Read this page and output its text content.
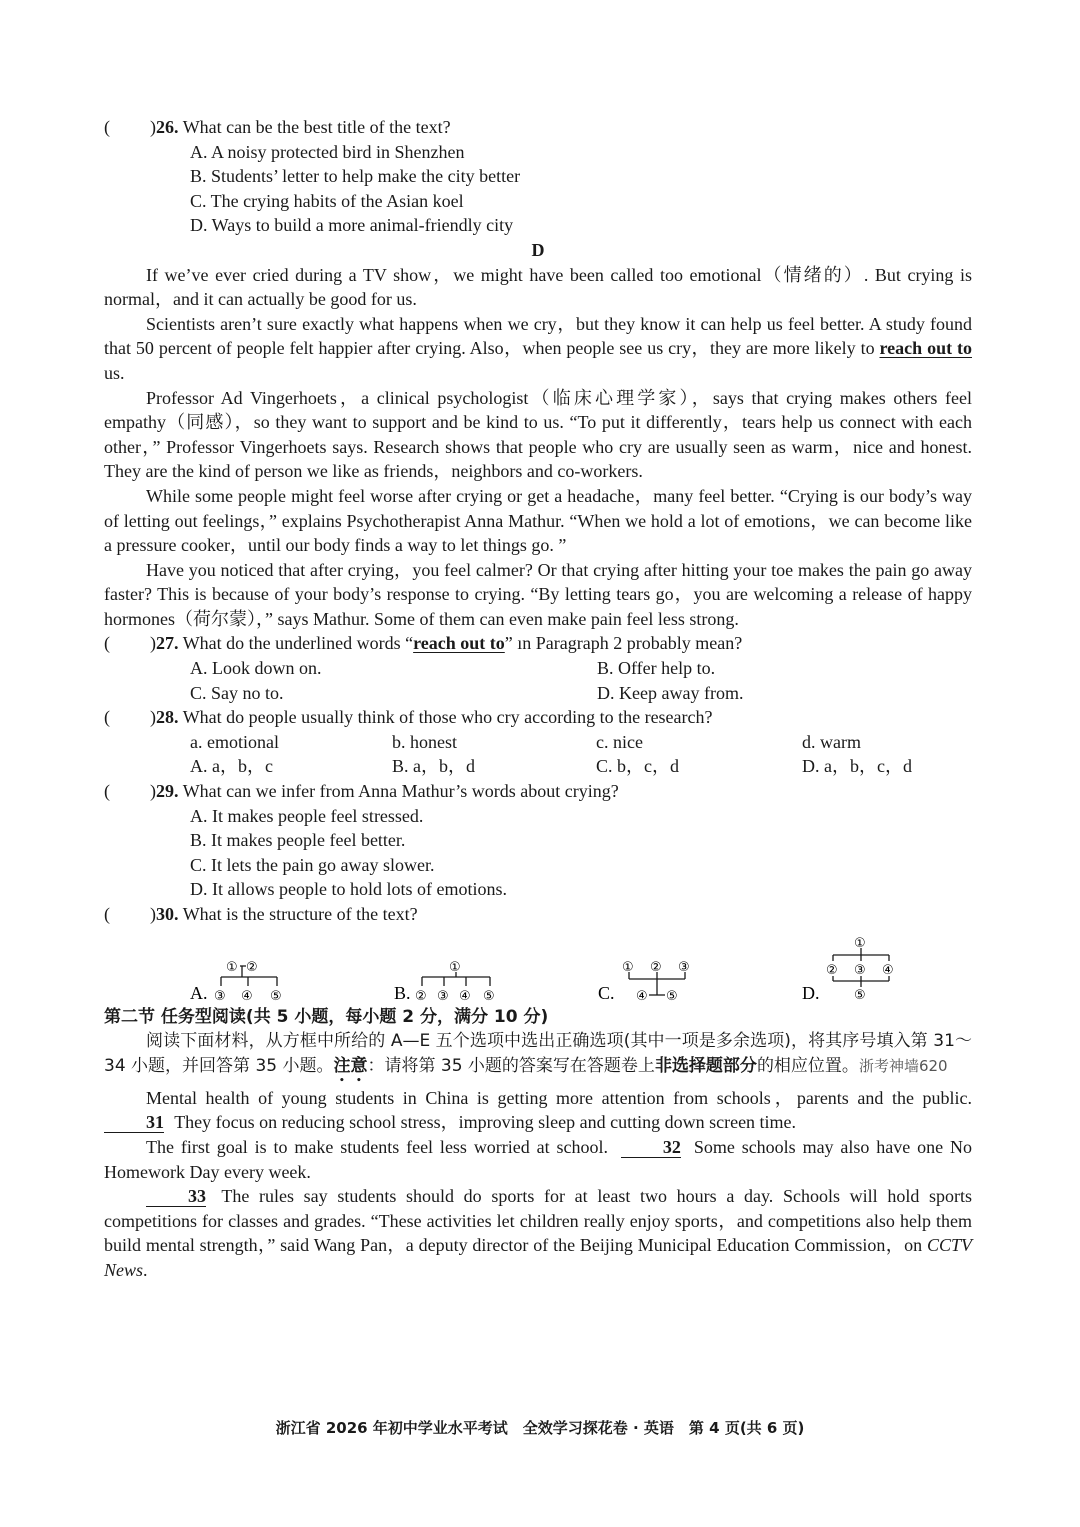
( )26. What can be the best title of the text?
A. A noisy protected bird in Shenzhen
B. Students’ letter to help make the city better
C. The crying habits of the Asian koel
D. Ways to build a more animal-friendly city
D
If we’ve ever cried during a TV show，we might have been called too emotional（情绪的）. But crying is normal，and it can actually be good for us.
Scientists aren’t sure exactly what happens when we cry，but they know it can help us feel better. A study found that 50 percent of people felt happier after crying. Also，when people see us cry，they are more likely to reach out to us.
Professor Ad Vingerhoets，a clinical psychologist（临床心理学家），says that crying makes others feel empathy（同感），so they want to support and be kind to us. “To put it differently，tears help us connect with each other，” Professor Vingerhoets says. Research shows that people who cry are usually seen as warm，nice and honest. They are the kind of person we like as friends，neighbors and co-workers.
While some people might feel worse after crying or get a headache，many feel better. “Crying is our body’s way of letting out feelings，” explains Psychotherapist Anna Mathur. “When we hold a lot of emotions，we can become like a pressure cooker，until our body finds a way to let things go. ”
Have you noticed that after crying，you feel calmer? Or that crying after hitting your toe makes the pain go away faster? This is because of your body’s response to crying. “By letting tears go，you are welcoming a release of happy hormones（荷尔蒙），” says Mathur. Some of them can even make pain feel less strong.
( )27. What do the underlined words “reach out to” ın Paragraph 2 probably mean?
A. Look down on.	B. Offer help to.
C. Say no to.	D. Keep away from.
( )28. What do people usually think of those who cry according to the research?
a. emotional	b. honest	c. nice	d. warm
A. a，b，c	B. a，b，d	C. b，c，d	D. a，b，c，d
( )29. What can we infer from Anna Mathur’s words about crying?
A. It makes people feel stressed.
B. It makes people feel better.
C. It lets the pain go away slower.
D. It allows people to hold lots of emotions.
( )30. What is the structure of the text?
A.
① ②
③ ④ ⑤	B.
①
② ③ ④ ⑤	C.
① ② ③
④ ⑤	D.
①
② ③ ④
⑤
第二节 任务型阅读(共 5 小题，每小题 2 分，满分 10 分)
阅读下面材料，从方框中所给的 A—E 五个选项中选出正确选项(其中一项是多余选项)，将其序号填入第 31～34 小题，并回答第 35 小题。注意：请将第 35 小题的答案写在答题卷上非选择题部分的相应位置。浙考神墙620
Mental health of young students in China is getting more attention from schools，parents and the public. 31 They focus on reducing school stress，improving sleep and cutting down screen time.
The first goal is to make students feel less worried at school.	32 Some schools may also have one No Homework Day every week.
33 The rules say students should do sports for at least two hours a day. Schools will hold sports competitions for classes and grades. “These activities let children really enjoy sports，and competitions also help them build mental strength，” said Wang Pan，a deputy director of the Beijing Municipal Education Commission，on CCTV News.
浙江省 2026 年初中学业水平考试　全效学习探花卷 · 英语　第 4 页(共 6 页)
